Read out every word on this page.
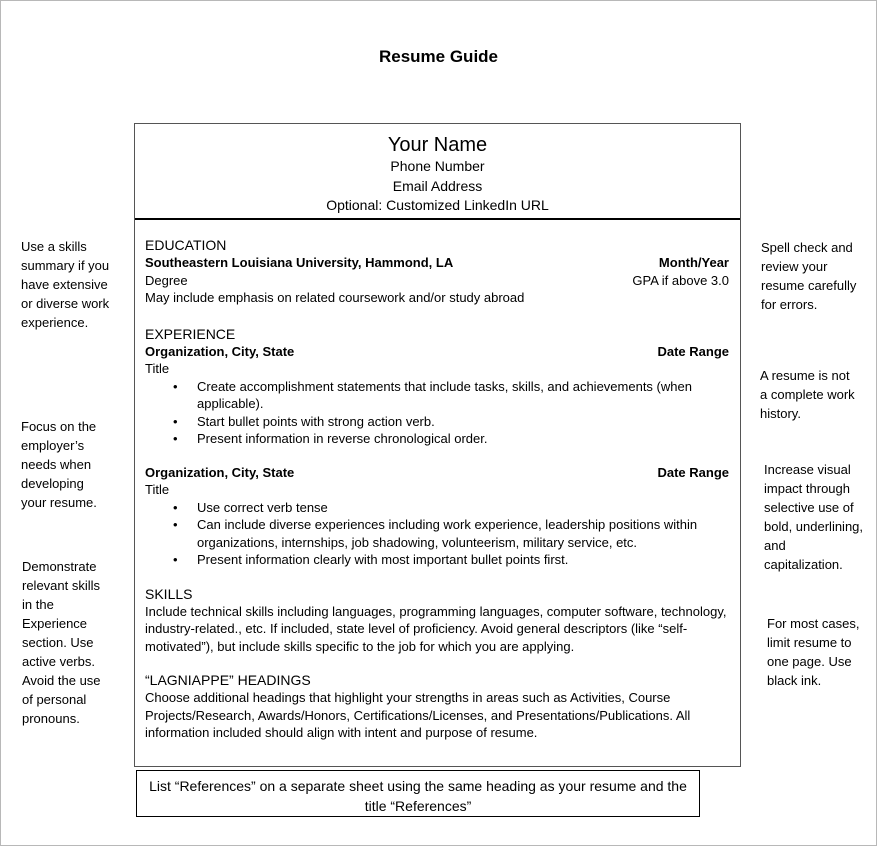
Resume Guide
Your Name
Phone Number
Email Address
Optional: Customized LinkedIn URL
EDUCATION
Southeastern Louisiana University, Hammond, LA	Month/Year
Degree	GPA if above 3.0
May include emphasis on related coursework and/or study abroad
EXPERIENCE
Organization, City, State	Date Range
Title
• Create accomplishment statements that include tasks, skills, and achievements (when applicable).
• Start bullet points with strong action verb.
• Present information in reverse chronological order.
Organization, City, State	Date Range
Title
• Use correct verb tense
• Can include diverse experiences including work experience, leadership positions within organizations, internships, job shadowing, volunteerism, military service, etc.
• Present information clearly with most important bullet points first.
SKILLS
Include technical skills including languages, programming languages, computer software, technology, industry-related., etc. If included, state level of proficiency. Avoid general descriptors (like “self-motivated”), but include skills specific to the job for which you are applying.
“LAGNIAPPE” HEADINGS
Choose additional headings that highlight your strengths in areas such as Activities, Course Projects/Research, Awards/Honors, Certifications/Licenses, and Presentations/Publications. All information included should align with intent and purpose of resume.
List “References” on a separate sheet using the same heading as your resume and the title “References”
Use a skills summary if you have extensive or diverse work experience.
Focus on the employer’s needs when developing your resume.
Demonstrate relevant skills in the Experience section. Use active verbs. Avoid the use of personal pronouns.
Spell check and review your resume carefully for errors.
A resume is not a complete work history.
Increase visual impact through selective use of bold, underlining, and capitalization.
For most cases, limit resume to one page. Use black ink.
